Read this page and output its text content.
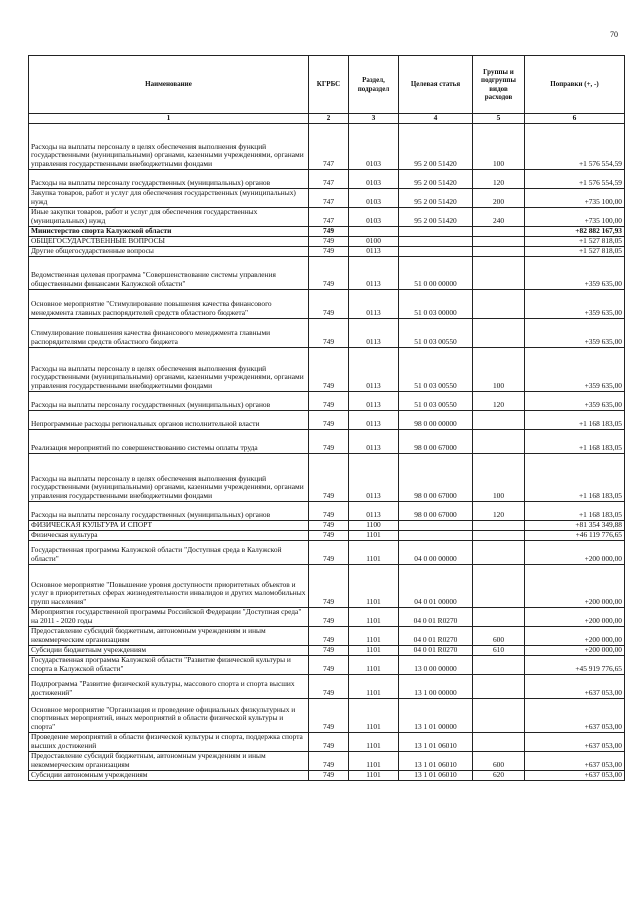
70
Наименование	КГРБС	Раздел, подраздел	Целевая статья	Группы и подгруппы видов расходов	Поправки (+, -)
1	2	3	4	5	6
Расходы на выплаты персоналу в целях обеспечения выполнения функций государственными (муниципальными) органами, казенными учреждениями, органами управления государственными внебюджетными фондами	747	0103	95 2 00 51420	100	+1 576 554,59
Расходы на выплаты персоналу государственных (муниципальных) органов	747	0103	95 2 00 51420	120	+1 576 554,59
Закупка товаров, работ и услуг для обеспечения государственных (муниципальных) нужд	747	0103	95 2 00 51420	200	+735 100,00
Иные закупки товаров, работ и услуг для обеспечения государственных (муниципальных) нужд	747	0103	95 2 00 51420	240	+735 100,00
Министерство спорта Калужской области	749				+82 882 167,93
ОБЩЕГОСУДАРСТВЕННЫЕ ВОПРОСЫ	749	0100			+1 527 818,05
Другие общегосударственные вопросы	749	0113			+1 527 818,05
Ведомственная целевая программа "Совершенствование системы управления общественными финансами Калужской области"	749	0113	51 0 00 00000		+359 635,00
Основное мероприятие "Стимулирование повышения качества финансового менеджмента главных распорядителей средств областного бюджета"	749	0113	51 0 03 00000		+359 635,00
Стимулирование повышения качества финансового менеджмента главными распорядителями средств областного бюджета	749	0113	51 0 03 00550		+359 635,00
Расходы на выплаты персоналу в целях обеспечения выполнения функций государственными (муниципальными) органами, казенными учреждениями, органами управления государственными внебюджетными фондами	749	0113	51 0 03 00550	100	+359 635,00
Расходы на выплаты персоналу государственных (муниципальных) органов	749	0113	51 0 03 00550	120	+359 635,00
Непрограммные расходы региональных органов исполнительной власти	749	0113	98 0 00 00000		+1 168 183,05
Реализация мероприятий по совершенствованию системы оплаты труда	749	0113	98 0 00 67000		+1 168 183,05
Расходы на выплаты персоналу в целях обеспечения выполнения функций государственными (муниципальными) органами, казенными учреждениями, органами управления государственными внебюджетными фондами	749	0113	98 0 00 67000	100	+1 168 183,05
Расходы на выплаты персоналу государственных (муниципальных) органов	749	0113	98 0 00 67000	120	+1 168 183,05
ФИЗИЧЕСКАЯ КУЛЬТУРА И СПОРТ	749	1100			+81 354 349,88
Физическая культура	749	1101			+46 119 776,65
Государственная программа Калужской области "Доступная среда в Калужской области"	749	1101	04 0 00 00000		+200 000,00
Основное мероприятие "Повышение уровня доступности приоритетных объектов и услуг в приоритетных сферах жизнедеятельности инвалидов и других маломобильных групп населения"	749	1101	04 0 01 00000		+200 000,00
Мероприятия государственной программы Российской Федерации "Доступная среда" на 2011 - 2020 годы	749	1101	04 0 01 R0270		+200 000,00
Предоставление субсидий бюджетным, автономным учреждениям и иным некоммерческим организациям	749	1101	04 0 01 R0270	600	+200 000,00
Субсидии бюджетным учреждениям	749	1101	04 0 01 R0270	610	+200 000,00
Государственная программа Калужской области "Развитие физической культуры и спорта в Калужской области"	749	1101	13 0 00 00000		+45 919 776,65
Подпрограмма "Развитие физической культуры, массового спорта и спорта высших достижений"	749	1101	13 1 00 00000		+637 053,00
Основное мероприятие "Организация и проведение официальных физкультурных и спортивных мероприятий, иных мероприятий в области физической культуры и спорта"	749	1101	13 1 01 00000		+637 053,00
Проведение мероприятий в области физической культуры и спорта, поддержка спорта высших достижений	749	1101	13 1 01 06010		+637 053,00
Предоставление субсидий бюджетным, автономным учреждениям и иным некоммерческим организациям	749	1101	13 1 01 06010	600	+637 053,00
Субсидии автономным учреждениям	749	1101	13 1 01 06010	620	+637 053,00
